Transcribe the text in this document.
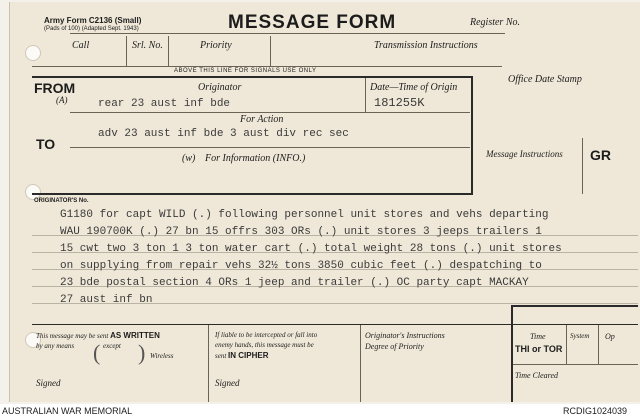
Army Form C2136 (Small)
(Pads of 100) (Adapted Sept. 1943)	MESSAGE FORM	Register No.
Call	Srl. No.	Priority	Transmission Instructions
ABOVE THIS LINE FOR SIGNALS USE ONLY
FROM
(A)
Originator
rear 23 aust inf bde
Date—Time of Origin
181255K
Office Date Stamp
For Action
adv 23 aust inf bde 3 aust div rec sec
TO
(w) For Information (INFO.)	Message Instructions GR
ORIGINATOR'S No.
G1180 for capt WILD (.) following personnel unit stores and vehs departing
WAU 190700K (.) 27 bn 15 offrs 303 ORs (.) unit stores 3 jeeps trailers 1
15 cwt two 3 ton 1 3 ton water cart (.) total weight 28 tons (.) unit stores
on supplying from repair vehs 32½ tons 3850 cubic feet (.) despatching to
23 bde postal section 4 ORs 1 jeep and trailer (.) OC party capt MACKAY
27 aust inf bn
This message may be sent AS WRITTEN
by any means	except
Wireless
( )
If liable to be intercepted or fall into
enemy hands, this message must be
sent IN CIPHER
Originator's Instructions
Degree of Priority
Signed	Signed
Time	System Op
THI or TOR
Time Cleared
AUSTRALIAN WAR MEMORIAL	RCDIG1024039
